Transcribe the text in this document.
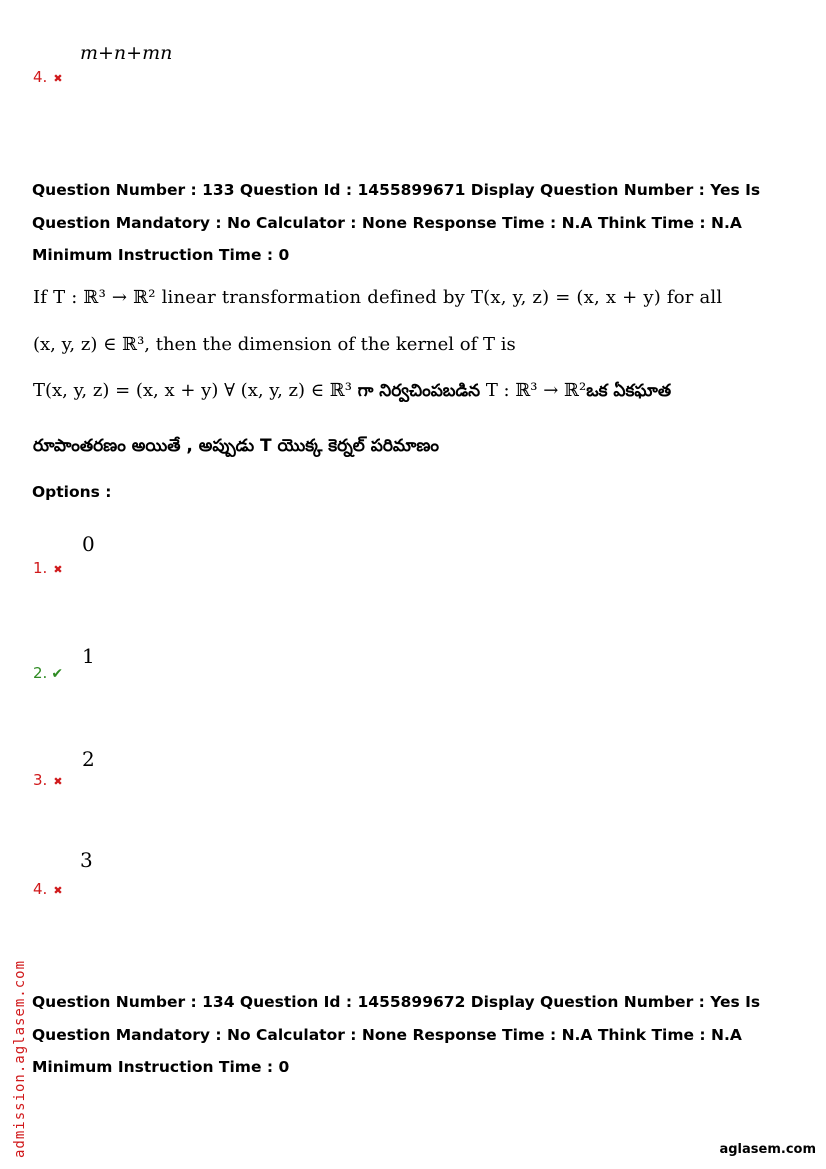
m+n+mn
4. ✖
Question Number : 133 Question Id : 1455899671 Display Question Number : Yes Is Question Mandatory : No Calculator : None Response Time : N.A Think Time : N.A Minimum Instruction Time : 0
If T : ℝ³ → ℝ² linear transformation defined by T(x, y, z) = (x, x + y) for all
(x, y, z) ∈ ℝ³, then the dimension of the kernel of T is
T(x, y, z) = (x, x + y) ∀ (x, y, z) ∈ ℝ³ గా నిర్వచింపబడిన T : ℝ³ → ℝ²ఒక ఏకఘాత
రూపాంతరణం అయితే , అప్పుడు T యొక్క కెర్నల్ పరిమాణం
Options :
0
1. ✖
1
2. ✔
2
3. ✖
3
4. ✖
Question Number : 134 Question Id : 1455899672 Display Question Number : Yes Is Question Mandatory : No Calculator : None Response Time : N.A Think Time : N.A Minimum Instruction Time : 0
admission.aglasem.com	aglasem.com
